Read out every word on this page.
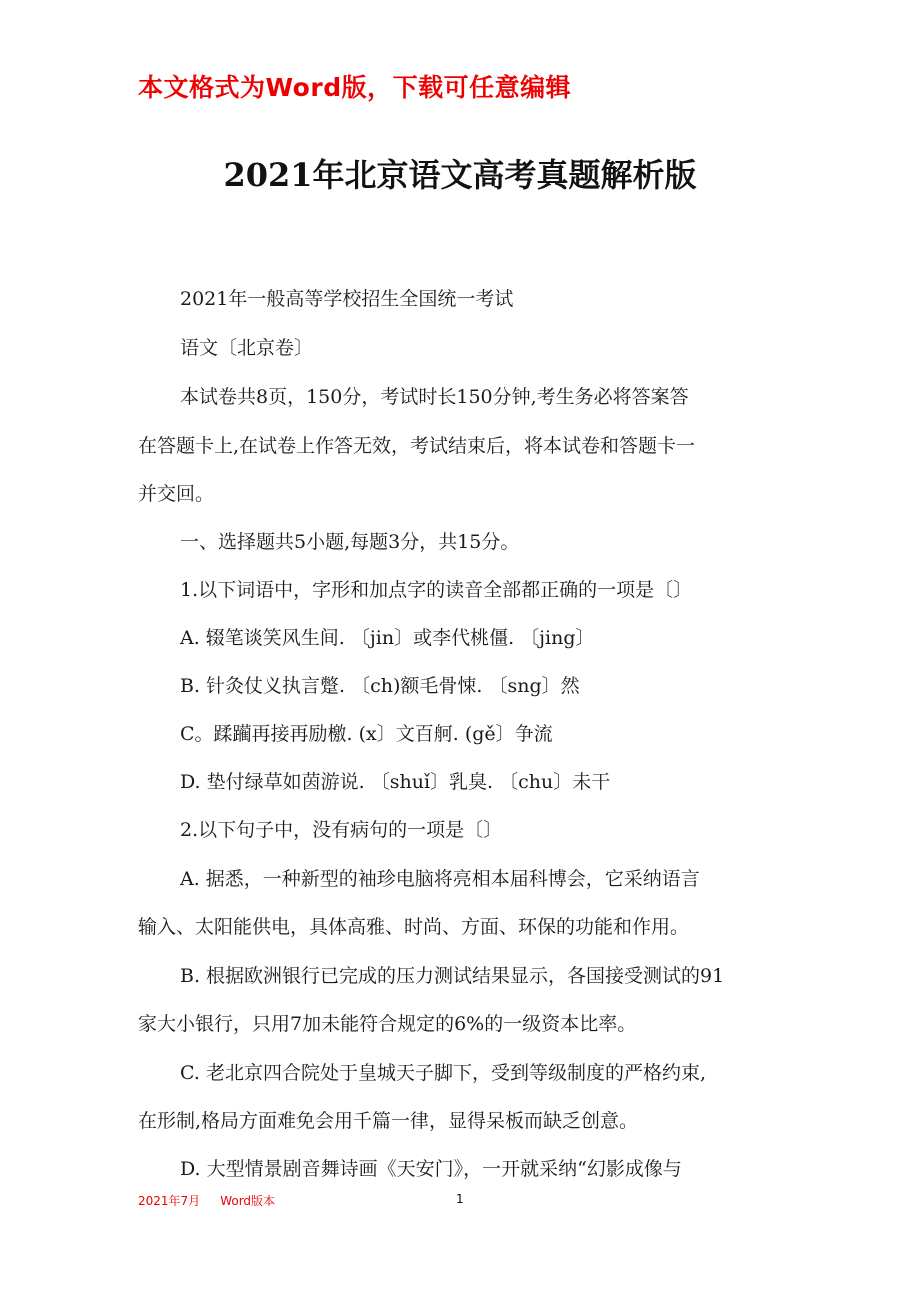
本文格式为Word版，下载可任意编辑
2021年北京语文高考真题解析版
2021年一般高等学校招生全国统一考试
语文〔北京卷〕
本试卷共8页，150分，考试时长150分钟,考生务必将答案答
在答题卡上,在试卷上作答无效，考试结束后，将本试卷和答题卡一
并交回。
一、选择题共5小题,每题3分，共15分。
1.以下词语中，字形和加点字的读音全部都正确的一项是〔〕
A. 辍笔谈笑风生间. 〔jin〕或李代桃僵. 〔jing〕
B. 针灸仗义执言蹩. 〔ch)额毛骨悚. 〔sng〕然
C。蹂躏再接再励檄. (x〕文百舸. (gě〕争流
D. 垫付绿草如茵游说. 〔shuǐ〕乳臭. 〔chu〕未干
2.以下句子中，没有病句的一项是〔〕
A. 据悉，一种新型的袖珍电脑将亮相本届科博会，它采纳语言
输入、太阳能供电，具体高雅、时尚、方面、环保的功能和作用。
B. 根据欧洲银行已完成的压力测试结果显示，各国接受测试的91
家大小银行，只用7加未能符合规定的6%的一级资本比率。
C. 老北京四合院处于皇城天子脚下，受到等级制度的严格约束,
在形制,格局方面难免会用千篇一律，显得呆板而缺乏创意。
D. 大型情景剧音舞诗画《天安门》，一开就采纳“幻影成像与
2021年7月 Word版本	1
